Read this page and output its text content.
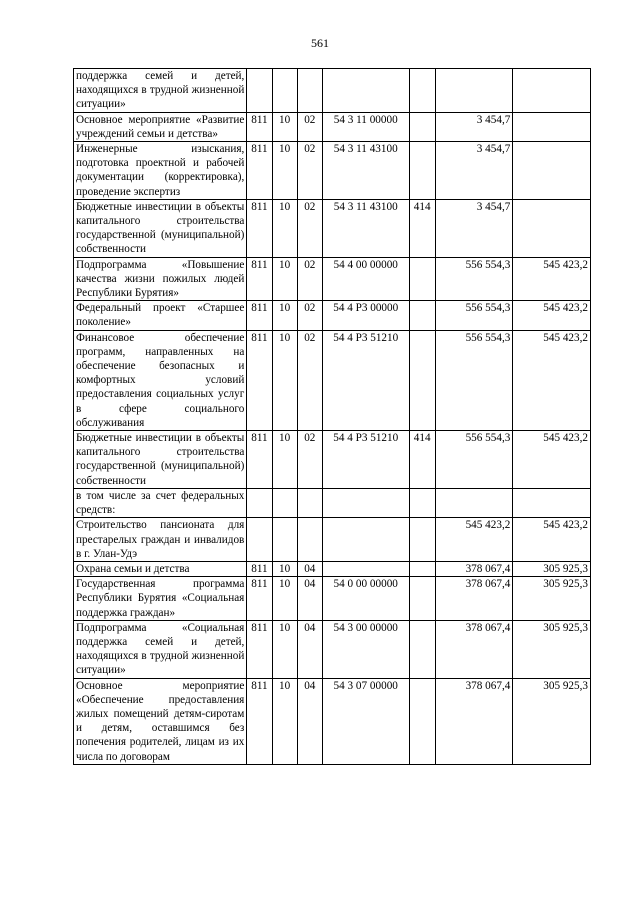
561
поддержка семей и детей, находящихся в трудной жизненной ситуации»							
Основное мероприятие «Развитие учреждений семьи и детства»	811	10	02	54 3 11 00000		3 454,7	
Инженерные изыскания, подготовка проектной и рабочей документации (корректировка), проведение экспертиз	811	10	02	54 3 11 43100		3 454,7	
Бюджетные инвестиции в объекты капитального строительства государственной (муниципальной) собственности	811	10	02	54 3 11 43100	414	3 454,7	
Подпрограмма «Повышение качества жизни пожилых людей Республики Бурятия»	811	10	02	54 4 00 00000		556 554,3	545 423,2
Федеральный проект «Старшее поколение»	811	10	02	54 4 P3 00000		556 554,3	545 423,2
Финансовое обеспечение программ, направленных на обеспечение безопасных и комфортных условий предоставления социальных услуг в сфере социального обслуживания	811	10	02	54 4 P3 51210		556 554,3	545 423,2
Бюджетные инвестиции в объекты капитального строительства государственной (муниципальной) собственности	811	10	02	54 4 P3 51210	414	556 554,3	545 423,2
в том числе за счет федеральных средств:							
Строительство пансионата для престарелых граждан и инвалидов в г. Улан-Удэ						545 423,2	545 423,2
Охрана семьи и детства	811	10	04			378 067,4	305 925,3
Государственная программа Республики Бурятия «Социальная поддержка граждан»	811	10	04	54 0 00 00000		378 067,4	305 925,3
Подпрограмма «Социальная поддержка семей и детей, находящихся в трудной жизненной ситуации»	811	10	04	54 3 00 00000		378 067,4	305 925,3
Основное мероприятие «Обеспечение предоставления жилых помещений детям-сиротам и детям, оставшимся без попечения родителей, лицам из их числа по договорам	811	10	04	54 3 07 00000		378 067,4	305 925,3
